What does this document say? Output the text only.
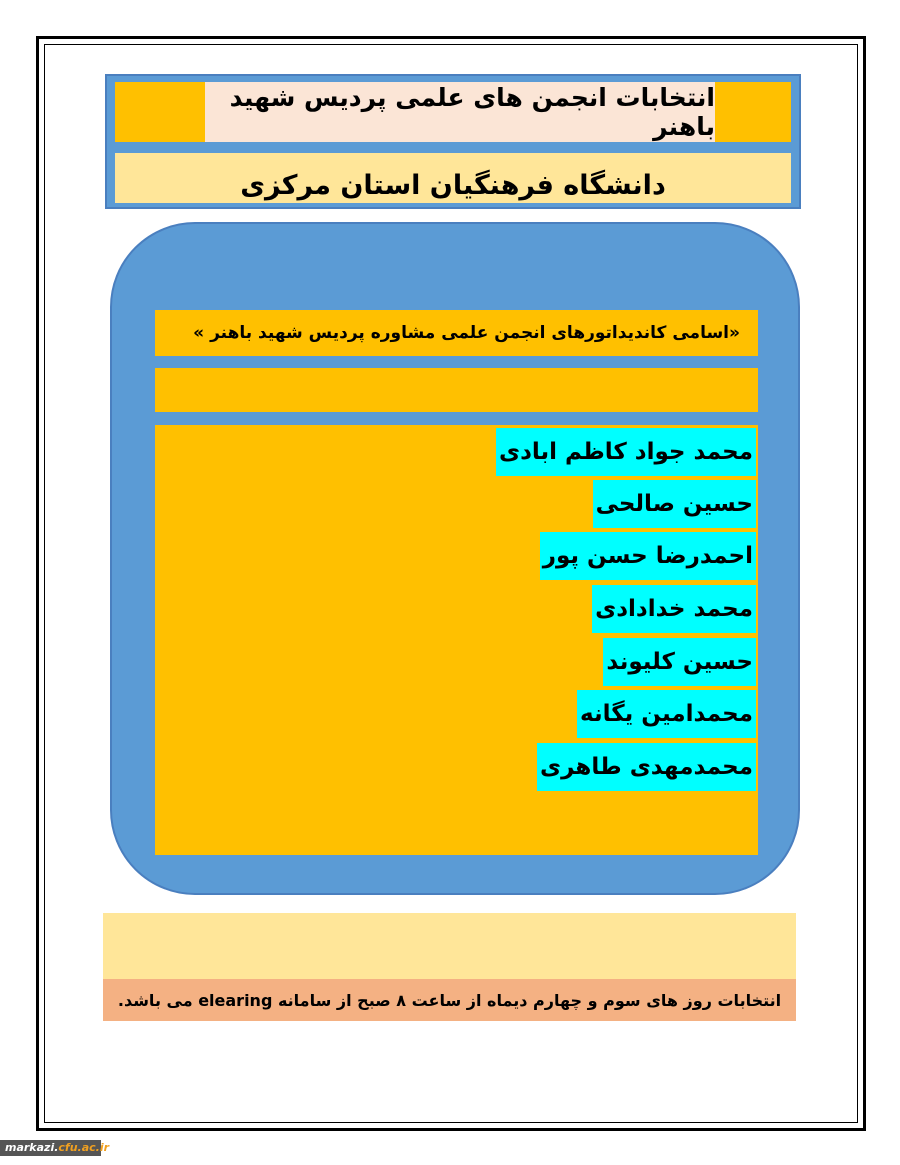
انتخابات انجمن های علمی پردیس شهید باهنر
دانشگاه فرهنگیان استان مرکزی
«اسامی کاندیداتورهای انجمن علمی مشاوره پردیس شهید باهنر »
محمد جواد کاظم ابادی
حسین صالحی
احمدرضا حسن پور
محمد خدادادی
حسین کلیوند
محمدامین یگانه
محمدمهدی طاهری
انتخابات روز های سوم و چهارم دیماه از ساعت ۸ صبح از سامانه elearing می باشد.
markazi.cfu.ac.ir
